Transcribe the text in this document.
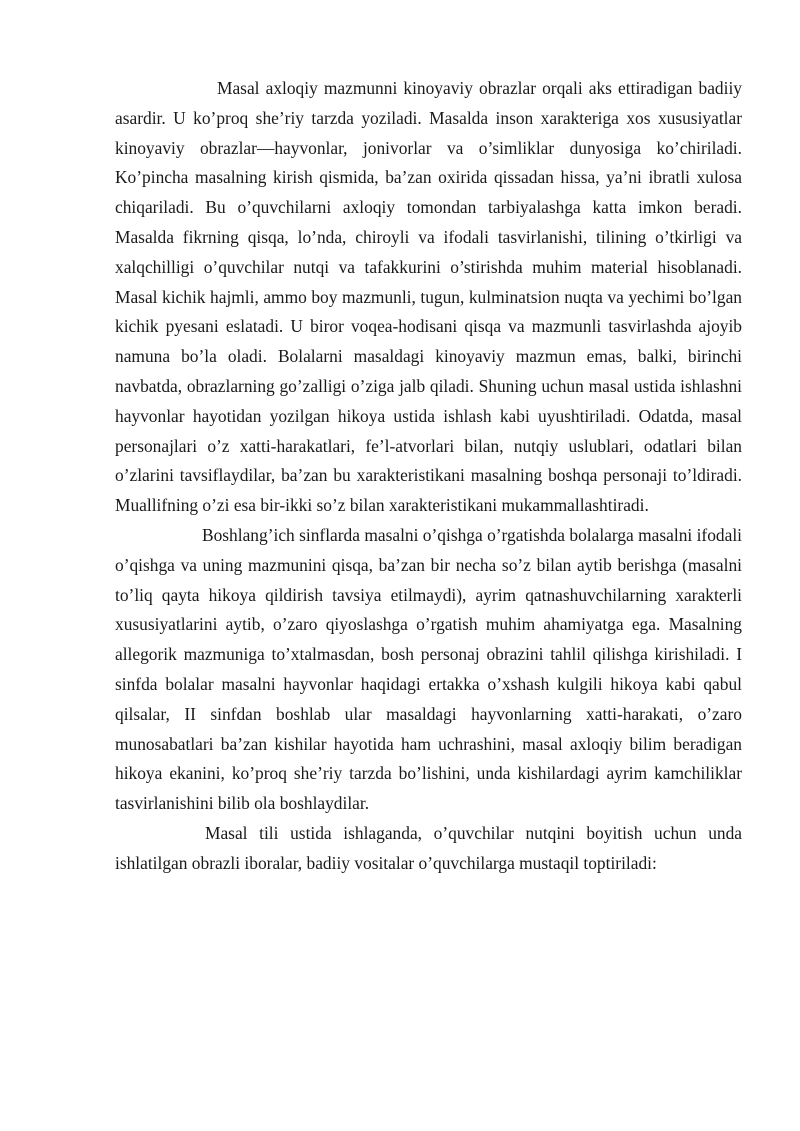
Masal axloqiy mazmunni kinoyaviy obrazlar orqali aks ettiradigan badiiy asardir. U ko’proq she’riy tarzda yoziladi. Masalda inson xarakteriga xos xususiyatlar kinoyaviy obrazlar—hayvonlar, jonivorlar va o’simliklar dunyosiga ko’chiriladi. Ko’pincha masalning kirish qismida, ba’zan oxirida qissadan hissa, ya’ni ibratli xulosa chiqariladi. Bu o’quvchilarni axloqiy tomondan tarbiyalashga katta imkon beradi. Masalda fikrning qisqa, lo’nda, chiroyli va ifodali tasvirlanishi, tilining o’tkirligi va xalqchilligi o’quvchilar nutqi va tafakkurini o’stirishda muhim material hisoblanadi. Masal kichik hajmli, ammo boy mazmunli, tugun, kulminatsion nuqta va yechimi bo’lgan kichik pyesani eslatadi. U biror voqea-hodisani qisqa va mazmunli tasvirlashda ajoyib namuna bo’la oladi. Bolalarni masaldagi kinoyaviy mazmun emas, balki, birinchi navbatda, obrazlarning go’zalligi o’ziga jalb qiladi. Shuning uchun masal ustida ishlashni hayvonlar hayotidan yozilgan hikoya ustida ishlash kabi uyushtiriladi. Odatda, masal personajlari o’z xatti-harakatlari, fe’l-atvorlari bilan, nutqiy uslublari, odatlari bilan o’zlarini tavsiflaydilar, ba’zan bu xarakteristikani masalning boshqa personaji to’ldiradi. Muallifning o’zi esa bir-ikki so’z bilan xarakteristikani mukammallashtiradi.

Boshlang’ich sinflarda masalni o’qishga o’rgatishda bolalarga masalni ifodali o’qishga va uning mazmunini qisqa, ba’zan bir necha so’z bilan aytib berishga (masalni to’liq qayta hikoya qildirish tavsiya etilmaydi), ayrim qatnashuvchilarning xarakterli xususiyatlarini aytib, o’zaro qiyoslashga o’rgatish muhim ahamiyatga ega. Masalning allegorik mazmuniga to’xtalmasdan, bosh personaj obrazini tahlil qilishga kirishiladi. I sinfda bolalar masalni hayvonlar haqidagi ertakka o’xshash kulgili hikoya kabi qabul qilsalar, II sinfdan boshlab ular masaldagi hayvonlarning xatti-harakati, o’zaro munosabatlari ba’zan kishilar hayotida ham uchrashini, masal axloqiy bilim beradigan hikoya ekanini, ko’proq she’riy tarzda bo’lishini, unda kishilardagi ayrim kamchiliklar tasvirlanishini bilib ola boshlaydilar.

Masal tili ustida ishlaganda, o’quvchilar nutqini boyitish uchun unda ishlatilgan obrazli iboralar, badiiy vositalar o’quvchilarga mustaqil toptiriladi:
